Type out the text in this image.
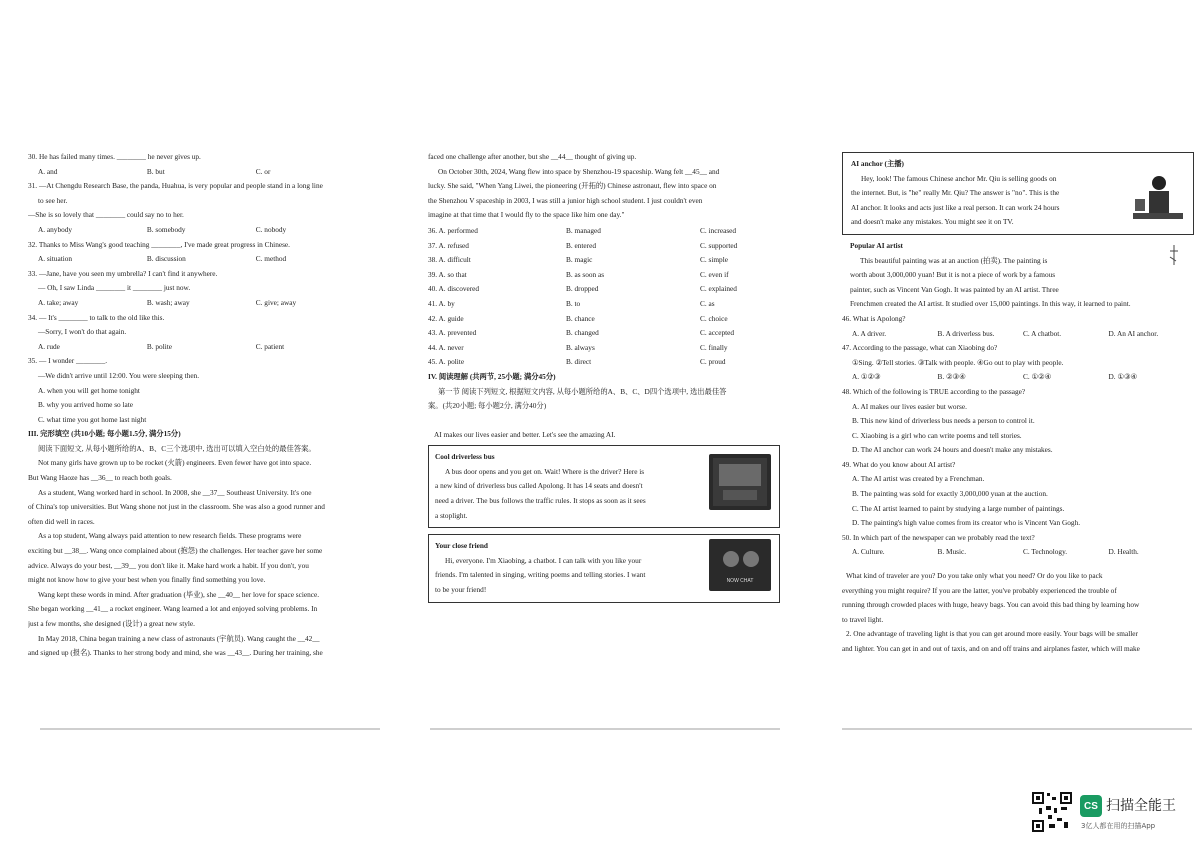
30. He has failed many times. ________ he never gives up.
A. and	B. but	C. or
31. —At Chengdu Research Base, the panda, Huahua, is very popular and people stand in a long line
to see her.
—She is so lovely that ________ could say no to her.
A. anybody	B. somebody	C. nobody
32. Thanks to Miss Wang's good teaching ________, I've made great progress in Chinese.
A. situation	B. discussion	C. method
33. —Jane, have you seen my umbrella? I can't find it anywhere.
— Oh, I saw Linda ________ it ________ just now.
A. take; away	B. wash; away	C. give; away
34. — It's ________ to talk to the old like this.
—Sorry, I won't do that again.
A. rude	B. polite	C. patient
35. — I wonder ________.
—We didn't arrive until 12:00. You were sleeping then.
A. when you will get home tonight
B. why you arrived home so late
C. what time you got home last night
III. 完形填空 (共10小题; 每小题1.5分, 满分15分)
阅读下面短文, 从每小题所给的A、B、C三个选项中, 选出可以填入空白处的最佳答案。
Not many girls have grown up to be rocket (火箭) engineers. Even fewer have got into space.
But Wang Haoze has __36__ to reach both goals.
As a student, Wang worked hard in school. In 2008, she __37__ Southeast University. It's one
of China's top universities. But Wang shone not just in the classroom. She was also a good runner and
often did well in races.
As a top student, Wang always paid attention to new research fields. These programs were
exciting but __38__. Wang once complained about (抱怨) the challenges. Her teacher gave her some
advice. Always do your best, __39__ you don't like it. Make hard work a habit. If you don't, you
might not know how to give your best when you finally find something you love.
Wang kept these words in mind. After graduation (毕业), she __40__ her love for space science.
She began working __41__ a rocket engineer. Wang learned a lot and enjoyed solving problems. In
just a few months, she designed (设计) a great new style.
In May 2018, China began training a new class of astronauts (宇航员). Wang caught the __42__
and signed up (报名). Thanks to her strong body and mind, she was __43__. During her training, she
faced one challenge after another, but she __44__ thought of giving up.
On October 30th, 2024, Wang flew into space by Shenzhou-19 spaceship. Wang felt __45__ and
lucky. She said, "When Yang Liwei, the pioneering (开拓的) Chinese astronaut, flew into space on
the Shenzhou V spaceship in 2003, I was still a junior high school student. I just couldn't even
imagine at that time that I would fly to the space like him one day."
36. A. performed	B. managed	C. increased
37. A. refused	B. entered	C. supported
38. A. difficult	B. magic	C. simple
39. A. so that	B. as soon as	C. even if
40. A. discovered	B. dropped	C. explained
41. A. by	B. to	C. as
42. A. guide	B. chance	C. choice
43. A. prevented	B. changed	C. accepted
44. A. never	B. always	C. finally
45. A. polite	B. direct	C. proud
IV. 阅读理解 (共两节, 25小题; 满分45分)
第一节 阅读下列短文, 根据短文内容, 从每小题所给的A、B、C、D四个选项中, 选出最佳答
案。(共20小题; 每小题2分, 满分40分)
AI makes our lives easier and better. Let's see the amazing AI.
Cool driverless bus
A bus door opens and you get on. Wait! Where is the driver? Here is
a new kind of driverless bus called Apolong. It has 14 seats and doesn't
need a driver. The bus follows the traffic rules. It stops as soon as it sees
a stoplight.
Your close friend
Hi, everyone. I'm Xiaobing, a chatbot. I can talk with you like your
friends. I'm talented in singing, writing poems and telling stories. I want
to be your friend!
NOW CHAT
AI anchor (主播)
Hey, look! The famous Chinese anchor Mr. Qiu is selling goods on
the internet. But, is "he" really Mr. Qiu? The answer is "no". This is the
AI anchor. It looks and acts just like a real person. It can work 24 hours
and doesn't make any mistakes. You might see it on TV.
Popular AI artist
This beautiful painting was at an auction (拍卖). The painting is
worth about 3,000,000 yuan! But it is not a piece of work by a famous
painter, such as Vincent Van Gogh. It was painted by an AI artist. Three
Frenchmen created the AI artist. It studied over 15,000 paintings. In this way, it learned to paint.
46. What is Apolong?
A. A driver.	B. A driverless bus.	C. A chatbot.	D. An AI anchor.
47. According to the passage, what can Xiaobing do?
①Sing. ②Tell stories. ③Talk with people. ④Go out to play with people.
A. ①②③	B. ②③④	C. ①②④	D. ①③④
48. Which of the following is TRUE according to the passage?
A. AI makes our lives easier but worse.
B. This new kind of driverless bus needs a person to control it.
C. Xiaobing is a girl who can write poems and tell stories.
D. The AI anchor can work 24 hours and doesn't make any mistakes.
49. What do you know about AI artist?
A. The AI artist was created by a Frenchman.
B. The painting was sold for exactly 3,000,000 yuan at the auction.
C. The AI artist learned to paint by studying a large number of paintings.
D. The painting's high value comes from its creator who is Vincent Van Gogh.
50. In which part of the newspaper can we probably read the text?
A. Culture.	B. Music.	C. Technology.	D. Health.
What kind of traveler are you? Do you take only what you need? Or do you like to pack
everything you might require? If you are the latter, you've probably experienced the trouble of
running through crowded places with huge, heavy bags. You can avoid this bad thing by learning how
to travel light.
2. One advantage of traveling light is that you can get around more easily. Your bags will be smaller
and lighter. You can get in and out of taxis, and on and off trains and airplanes faster, which will make
CS 扫描全能王
3亿人都在用的扫描App
